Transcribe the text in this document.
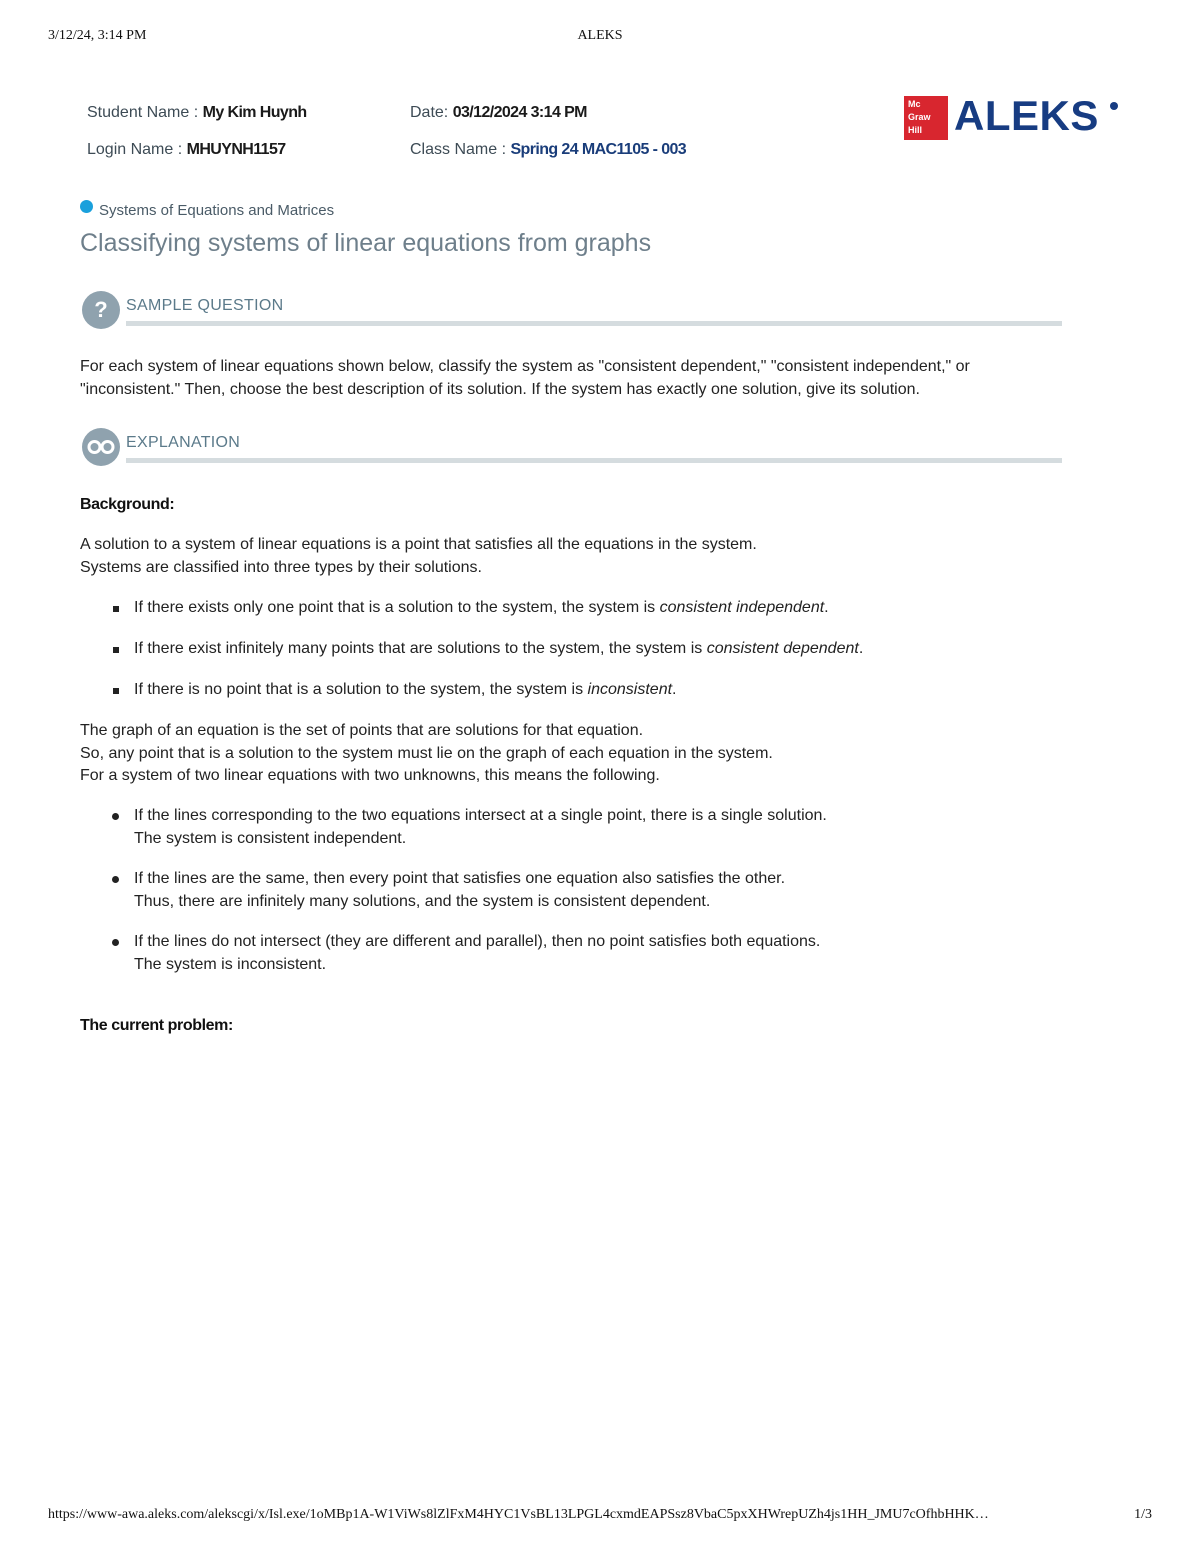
3/12/24, 3:14 PM	ALEKS
Student Name : My Kim Huynh
Login Name : MHUYNH1157
Date: 03/12/2024 3:14 PM
Class Name : Spring 24 MAC1105 - 003
Mc
Graw
Hill ALEKS
Systems of Equations and Matrices
Classifying systems of linear equations from graphs
?	SAMPLE QUESTION
For each system of linear equations shown below, classify the system as "consistent dependent," "consistent independent," or
"inconsistent." Then, choose the best description of its solution. If the system has exactly one solution, give its solution.
EXPLANATION
Background:
A solution to a system of linear equations is a point that satisfies all the equations in the system.
Systems are classified into three types by their solutions.
If there exists only one point that is a solution to the system, the system is consistent independent.
If there exist infinitely many points that are solutions to the system, the system is consistent dependent.
If there is no point that is a solution to the system, the system is inconsistent.
The graph of an equation is the set of points that are solutions for that equation.
So, any point that is a solution to the system must lie on the graph of each equation in the system.
For a system of two linear equations with two unknowns, this means the following.
If the lines corresponding to the two equations intersect at a single point, there is a single solution.
The system is consistent independent.
If the lines are the same, then every point that satisfies one equation also satisfies the other.
Thus, there are infinitely many solutions, and the system is consistent dependent.
If the lines do not intersect (they are different and parallel), then no point satisfies both equations.
The system is inconsistent.
The current problem:
https://www-awa.aleks.com/alekscgi/x/Isl.exe/1oMBp1A-W1ViWs8lZlFxM4HYC1VsBL13LPGL4cxmdEAPSsz8VbaC5pxXHWrepUZh4js1HH_JMU7cOfhbHHK…	1/3
